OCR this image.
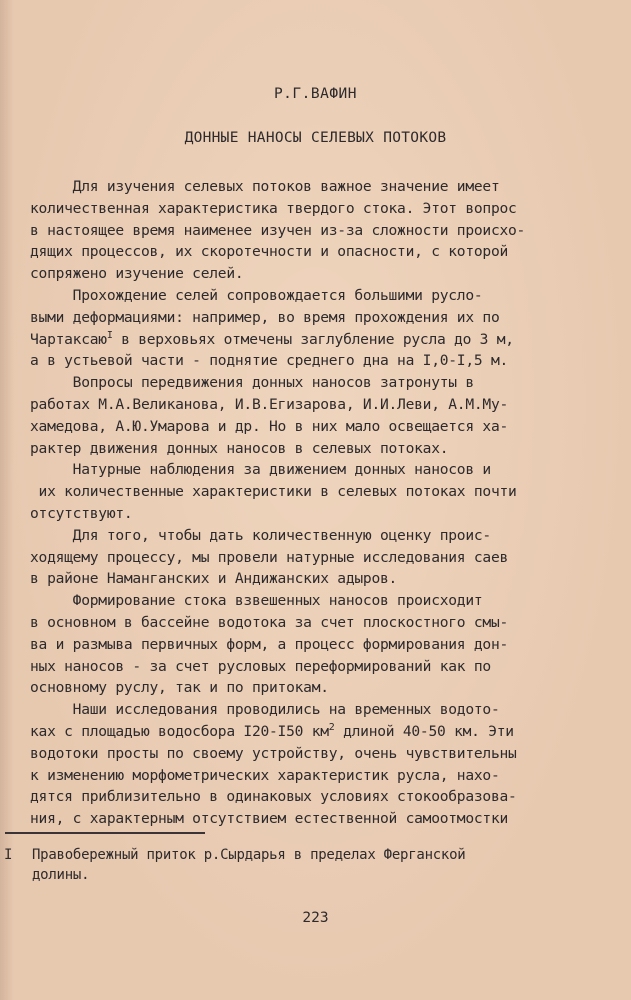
Р.Г.ВАФИН
ДОННЫЕ НАНОСЫ СЕЛЕВЫХ ПОТОКОВ
Для изучения селевых потоков важное значение имеет
количественная характеристика твердого стока. Этот вопрос
в настоящее время наименее изучен из-за сложности происхо-
дящих процессов, их скоротечности и опасности, с которой
сопряжено изучение селей.
Прохождение селей сопровождается большими русло-
выми деформациями: например, во время прохождения их по
Чартаксаю$^I$ в верховьях отмечены заглубление русла до 3 м,
а в устьевой части - поднятие среднего дна на I,0-I,5 м.
Вопросы передвижения донных наносов затронуты в
работах М.А.Великанова, И.В.Егизарова, И.И.Леви, А.М.Му-
хамедова, А.Ю.Умарова и др. Но в них мало освещается ха-
рактер движения донных наносов в селевых потоках.
Натурные наблюдения за движением донных наносов и
их количественные характеристики в селевых потоках почти
отсутствуют.
Для того, чтобы дать количественную оценку проис-
ходящему процессу, мы провели натурные исследования саев
в районе Наманганских и Андижанских адыров.
Формирование стока взвешенных наносов происходит
в основном в бассейне водотока за счет плоскостного смы-
ва и размыва первичных форм, а процесс формирования дон-
ных наносов - за счет русловых переформирований как по
основному руслу, так и по притокам.
Наши исследования проводились на временных водото-
ках с площадью водосбора I20-I50 $км^2$ длиной 40-50 км. Эти
водотоки просты по своему устройству, очень чувствительны
к изменению морфометрических характеристик русла, нахо-
дятся приблизительно в одинаковых условиях стокообразова-
ния, с характерным отсутствием естественной самоотмостки
I Правобережный приток р.Сырдарья в пределах Ферганской
долины.
223
